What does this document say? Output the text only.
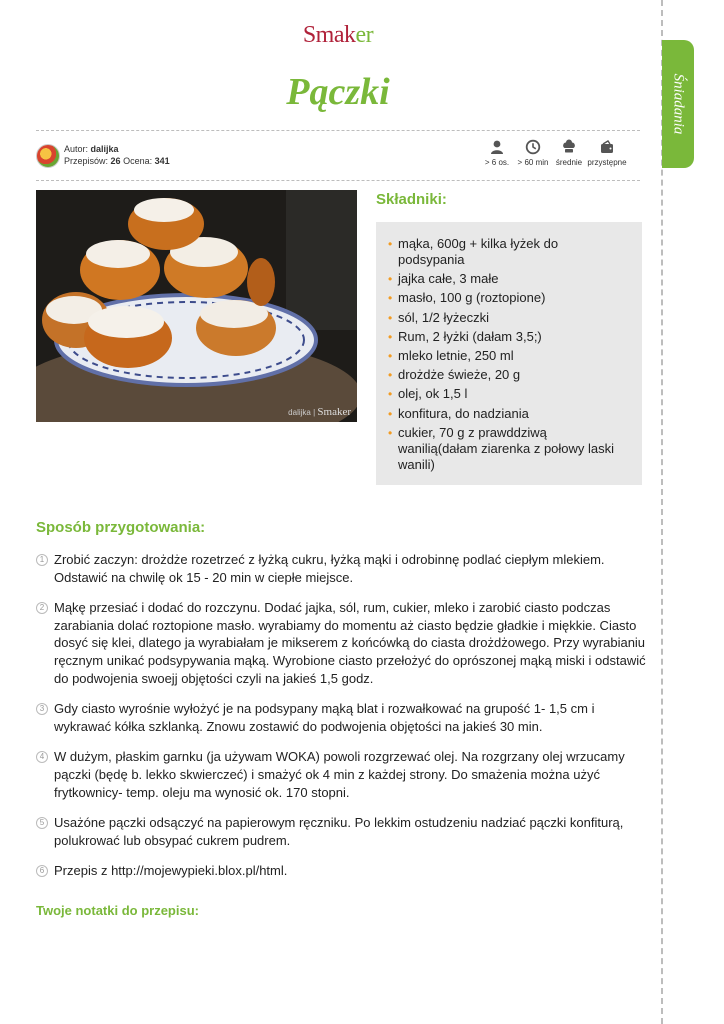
Śniadania
Smaker
Pączki
Autor: dalijka
Przepisów: 26 Ocena: 341	> 6 os.	> 60 min średnie przystępne
dalijka | Smaker
Składniki:
• mąka, 600g + kilka łyżek do podsypania
• jajka całe, 3 małe
• masło, 100 g (roztopione)
• sól, 1/2 łyżeczki
• Rum, 2 łyżki (dałam 3,5;)
• mleko letnie, 250 ml
• drożdże świeże, 20 g
• olej, ok 1,5 l
• konfitura, do nadziania
• cukier, 70 g z prawddziwą wanilią(dałam ziarenka z połowy laski wanili)
Sposób przygotowania:
1 Zrobić zaczyn: drożdże rozetrzeć z łyżką cukru, łyżką mąki i odrobinnę podlać ciepłym mlekiem. Odstawić na chwilę ok 15 - 20 min w ciepłe miejsce.
2 Mąkę przesiać i dodać do rozczynu. Dodać jajka, sól, rum, cukier, mleko i zarobić ciasto podczas zarabiania dolać roztopione masło. wyrabiamy do momentu aż ciasto będzie gładkie i miękkie. Ciasto dosyć się klei, dlatego ja wyrabiałam je mikserem z końcówką do ciasta drożdżowego. Przy wyrabianiu ręcznym unikać podsypywania mąką. Wyrobione ciasto przełożyć do oprószonej mąką miski i odstawić do podwojenia swoejj objętości czyli na jakieś 1,5 godz.
3 Gdy ciasto wyrośnie wyłożyć je na podsypany mąką blat i rozwałkować na grupość 1- 1,5 cm i wykrawać kółka szklanką. Znowu zostawić do podwojenia objętości na jakieś 30 min.
4 W dużym, płaskim garnku (ja używam WOKA) powoli rozgrzewać olej. Na rozgrzany olej wrzucamy pączki (będę b. lekko skwierczeć) i smażyć ok 4 min z każdej strony. Do smażenia można użyć frytkownicy- temp. oleju ma wynosić ok. 170 stopni.
5 Usażóne pączki odsączyć na papierowym ręczniku. Po lekkim ostudzeniu nadziać pączki konfiturą, polukrować lub obsypać cukrem pudrem.
6 Przepis z http://mojewypieki.blox.pl/html.
Twoje notatki do przepisu:
